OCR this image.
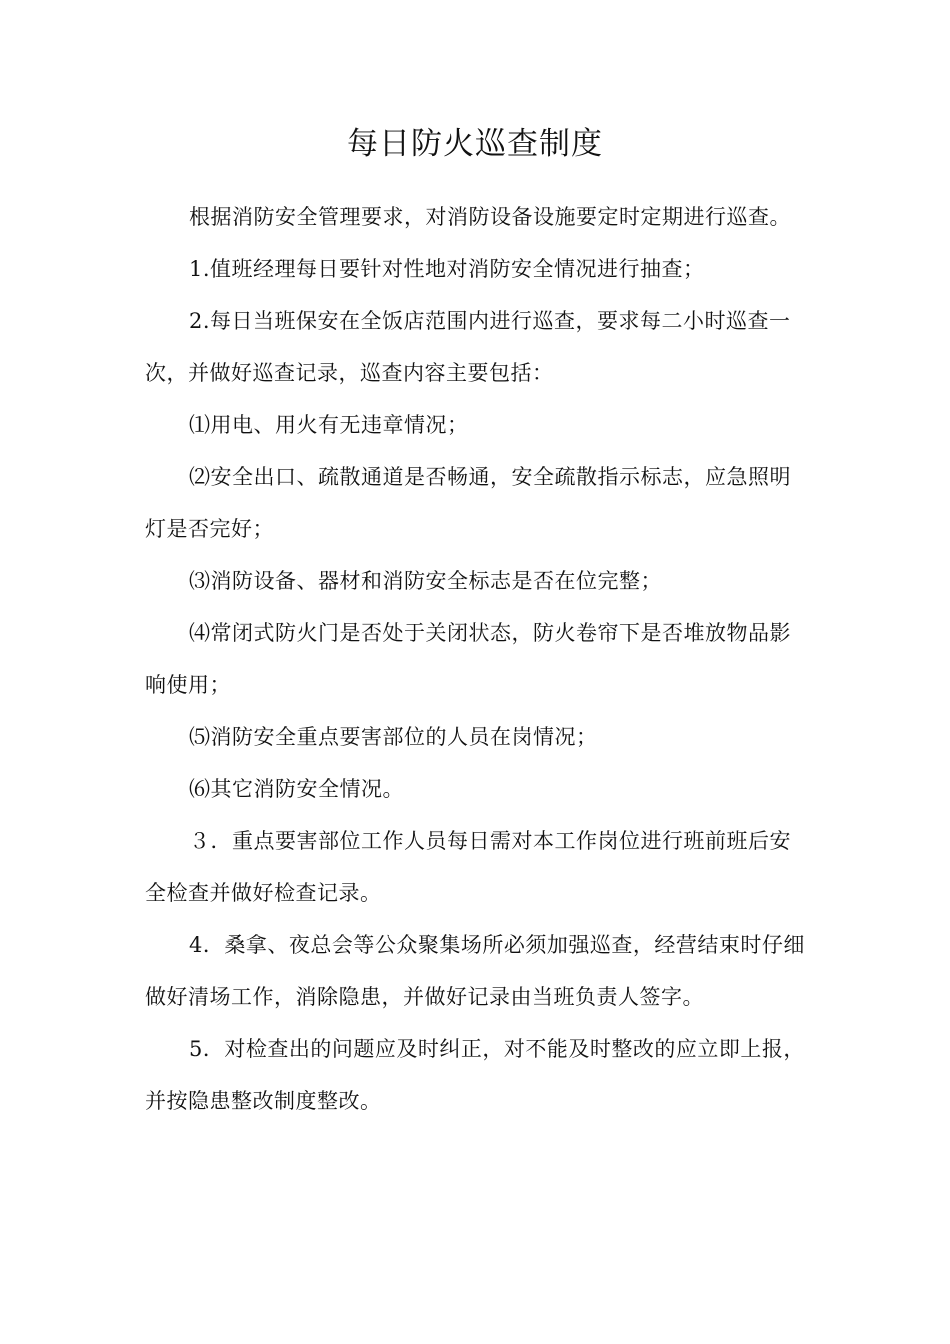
每日防火巡查制度

根据消防安全管理要求，对消防设备设施要定时定期进行巡查。

1.值班经理每日要针对性地对消防安全情况进行抽查；

2.每日当班保安在全饭店范围内进行巡查，要求每二小时巡查一次，并做好巡查记录，巡查内容主要包括：

⑴用电、用火有无违章情况；

⑵安全出口、疏散通道是否畅通，安全疏散指示标志，应急照明灯是否完好；

⑶消防设备、器材和消防安全标志是否在位完整；

⑷常闭式防火门是否处于关闭状态，防火卷帘下是否堆放物品影响使用；

⑸消防安全重点要害部位的人员在岗情况；

⑹其它消防安全情况。

３．重点要害部位工作人员每日需对本工作岗位进行班前班后安全检查并做好检查记录。

4．桑拿、夜总会等公众聚集场所必须加强巡查，经营结束时仔细做好清场工作，消除隐患，并做好记录由当班负责人签字。

5．对检查出的问题应及时纠正，对不能及时整改的应立即上报，并按隐患整改制度整改。
